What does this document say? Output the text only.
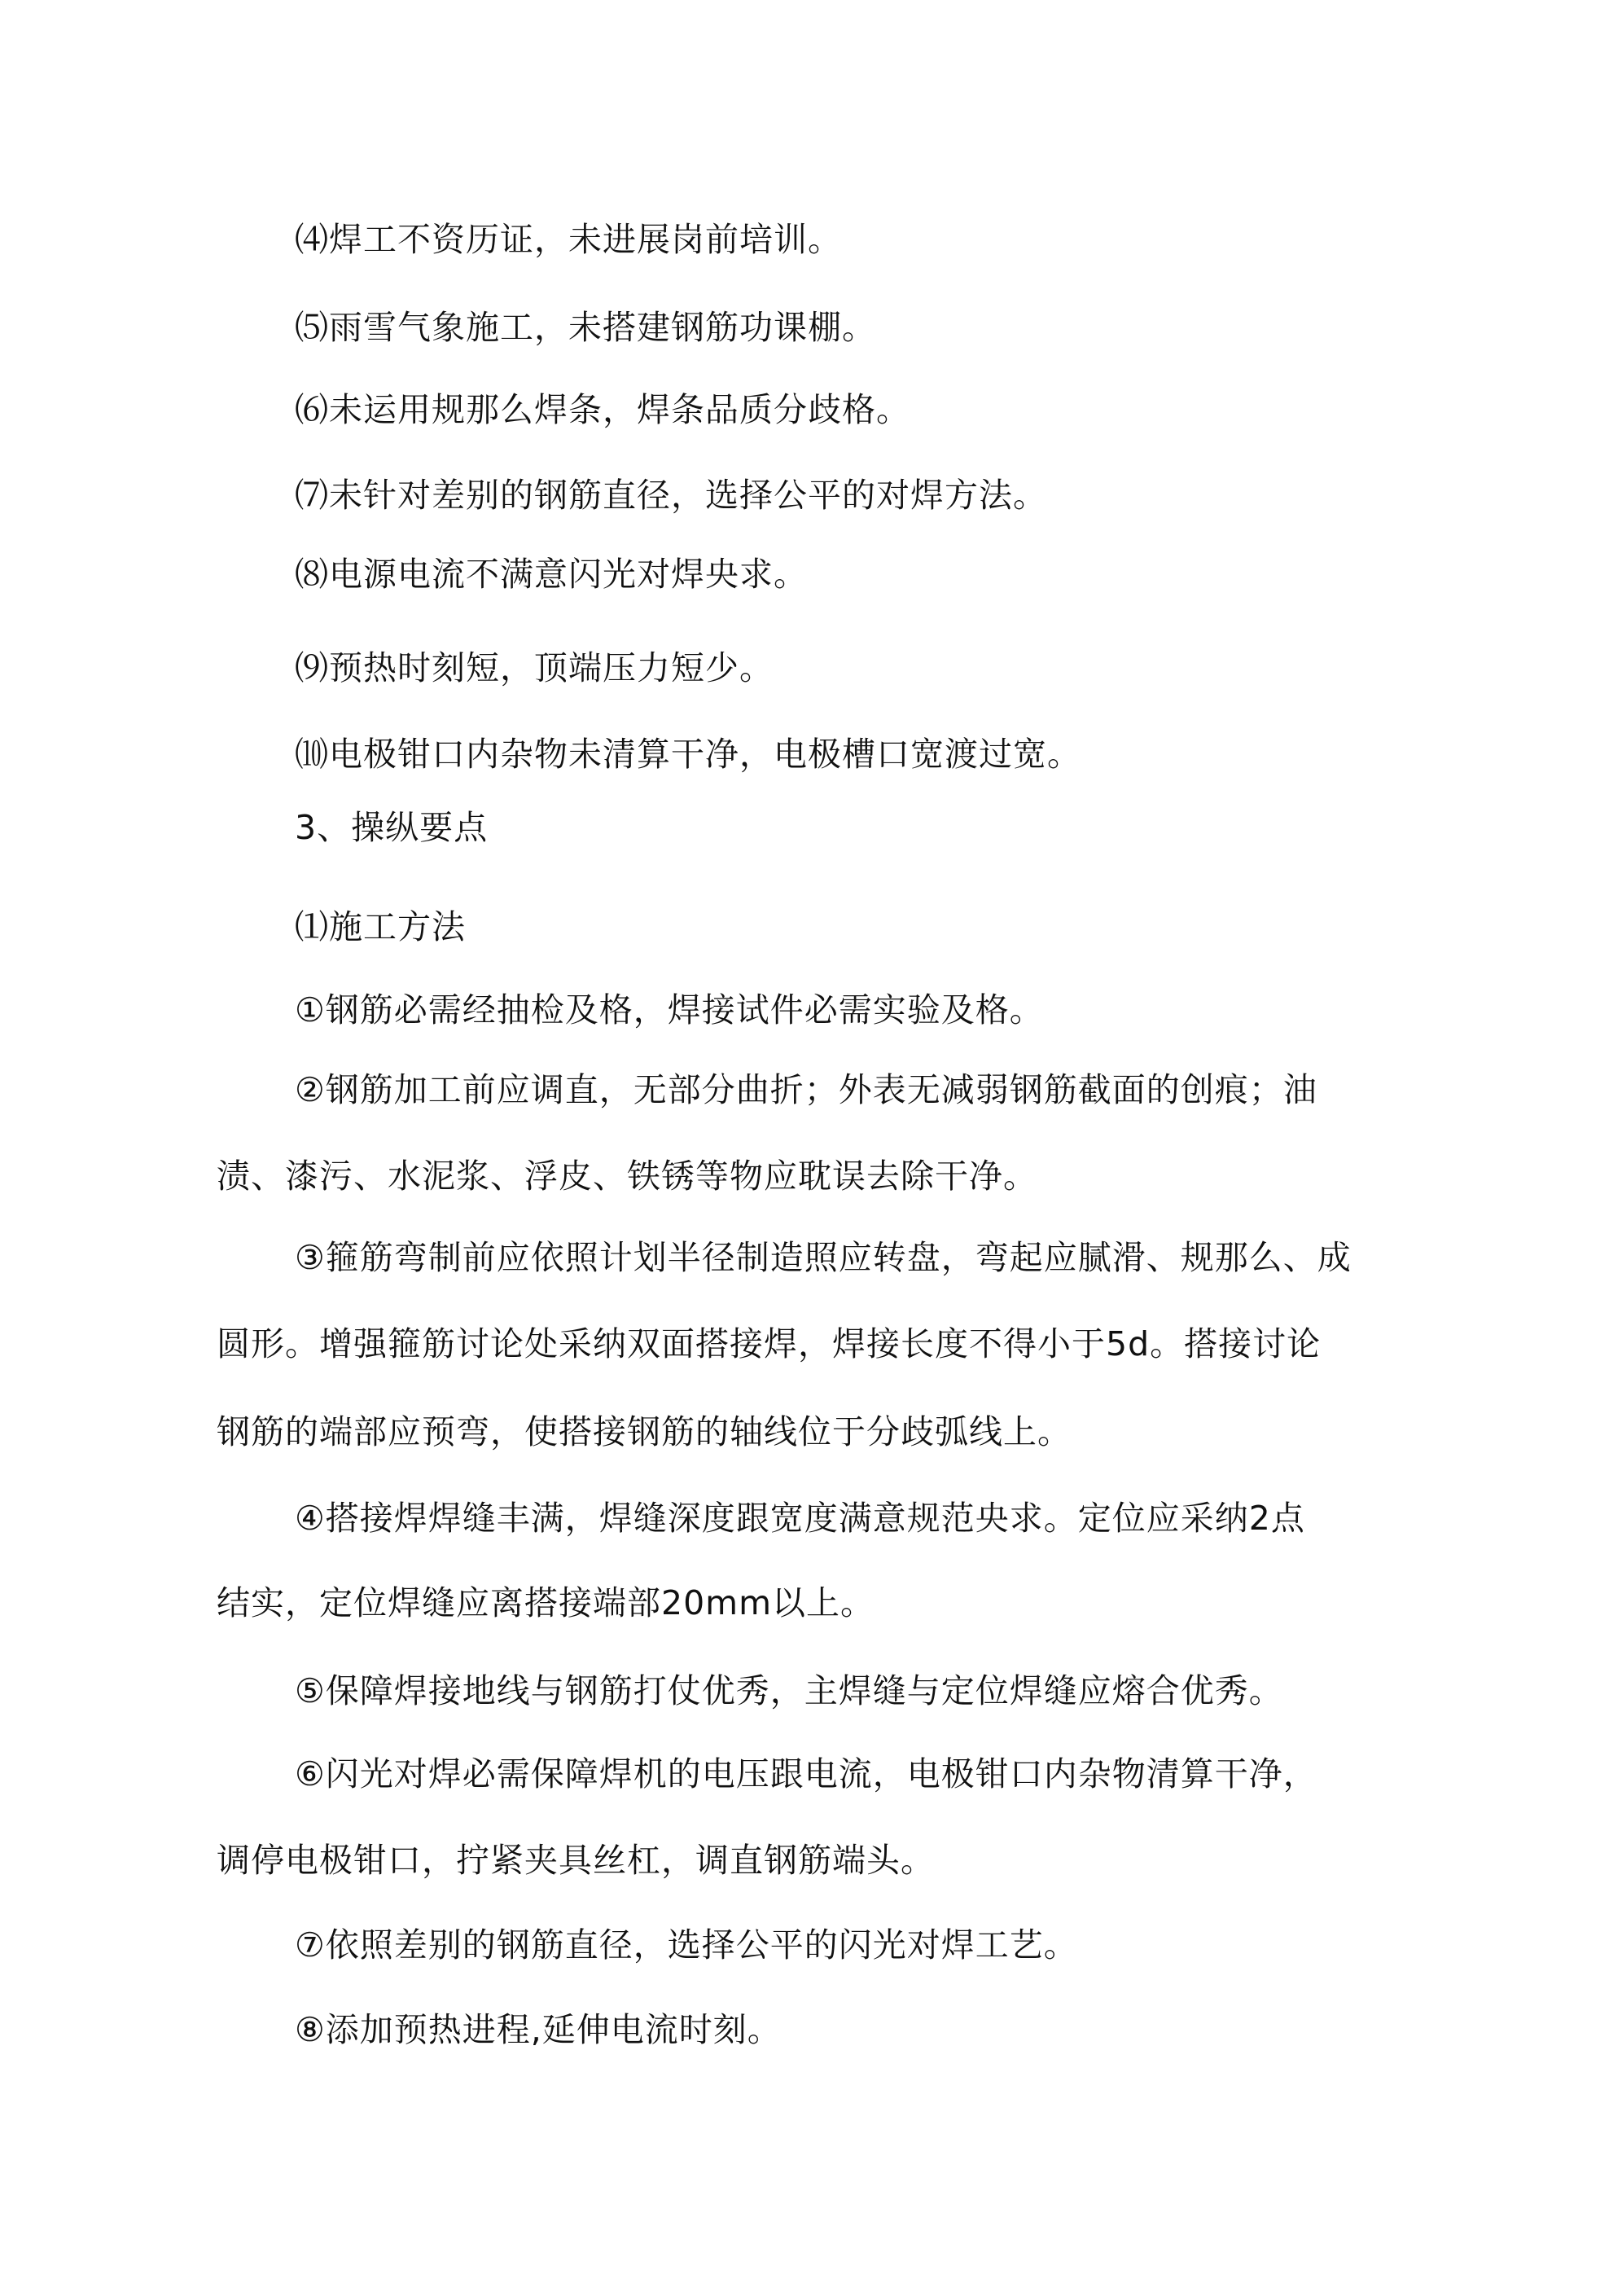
⑷焊工不资历证，未进展岗前培训。

⑸雨雪气象施工，未搭建钢筋功课棚。

⑹未运用规那么焊条，焊条品质分歧格。

⑺未针对差别的钢筋直径，选择公平的对焊方法。

⑻电源电流不满意闪光对焊央求。

⑼预热时刻短，顶端压力短少。

⑽电极钳口内杂物未清算干净，电极槽口宽渡过宽。

3、操纵要点

⑴施工方法

①钢筋必需经抽检及格，焊接试件必需实验及格。

②钢筋加工前应调直，无部分曲折；外表无减弱钢筋截面的创痕；油

渍、漆污、水泥浆、浮皮、铁锈等物应耽误去除干净。

③箍筋弯制前应依照计划半径制造照应转盘，弯起应腻滑、规那么、成

圆形。增强箍筋讨论处采纳双面搭接焊，焊接长度不得小于5d。搭接讨论

钢筋的端部应预弯，使搭接钢筋的轴线位于分歧弧线上。

④搭接焊焊缝丰满，焊缝深度跟宽度满意规范央求。定位应采纳2点

结实，定位焊缝应离搭接端部20mm以上。

⑤保障焊接地线与钢筋打仗优秀，主焊缝与定位焊缝应熔合优秀。

⑥闪光对焊必需保障焊机的电压跟电流，电极钳口内杂物清算干净，

调停电极钳口，拧紧夹具丝杠，调直钢筋端头。

⑦依照差别的钢筋直径，选择公平的闪光对焊工艺。

⑧添加预热进程,延伸电流时刻。
